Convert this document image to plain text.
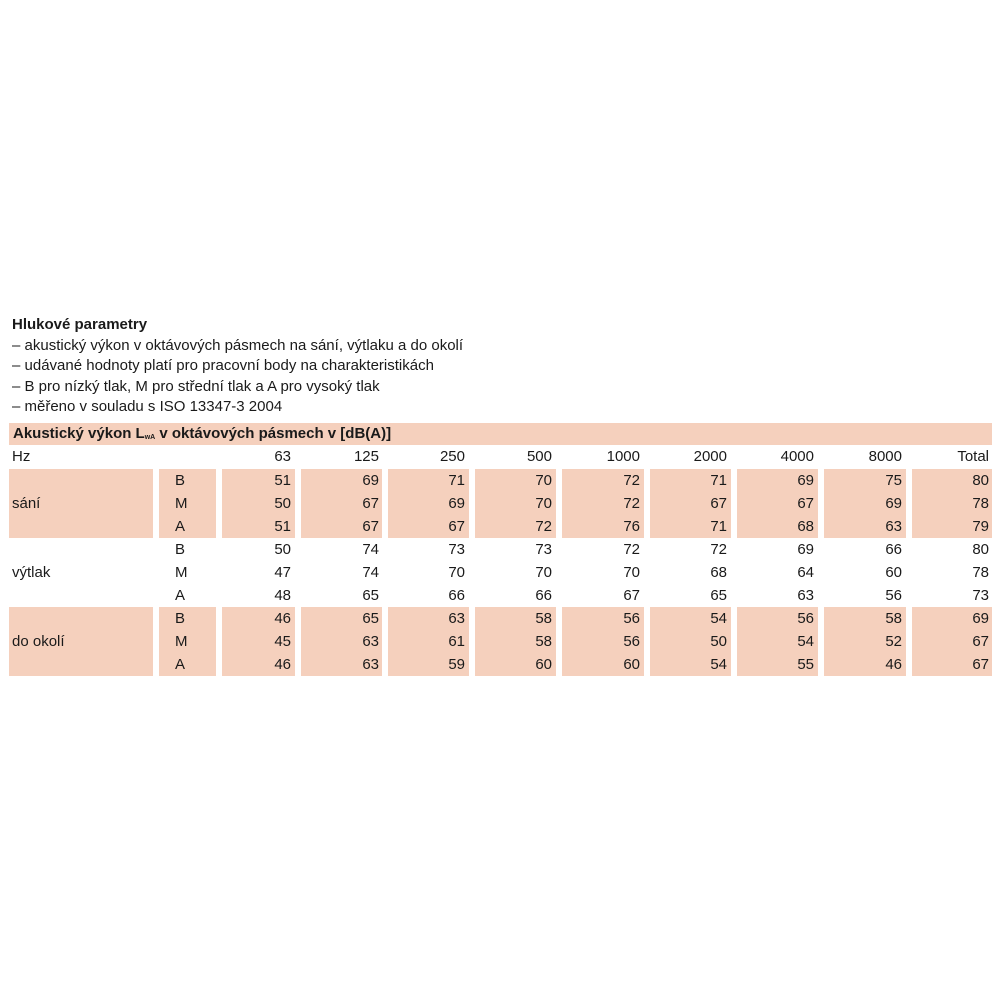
Hlukové parametry
– akustický výkon v oktávových pásmech na sání, výtlaku a do okolí
– udávané hodnoty platí pro pracovní body na charakteristikách
– B pro nízký tlak, M pro střední tlak a A pro vysoký tlak
– měřeno v souladu s ISO 13347-3 2004
Akustický výkon $L_{wA}$ v oktávových pásmech v [dB(A)]
Hz	63	125	250	500	1000	2000	4000	8000	Total
sání
B	51	69	71	70	72	71	69	75	80
M	50	67	69	70	72	67	67	69	78
A	51	67	67	72	76	71	68	63	79
výtlak
B	50	74	73	73	72	72	69	66	80
M	47	74	70	70	70	68	64	60	78
A	48	65	66	66	67	65	63	56	73
do okolí
B	46	65	63	58	56	54	56	58	69
M	45	63	61	58	56	50	54	52	67
A	46	63	59	60	60	54	55	46	67
